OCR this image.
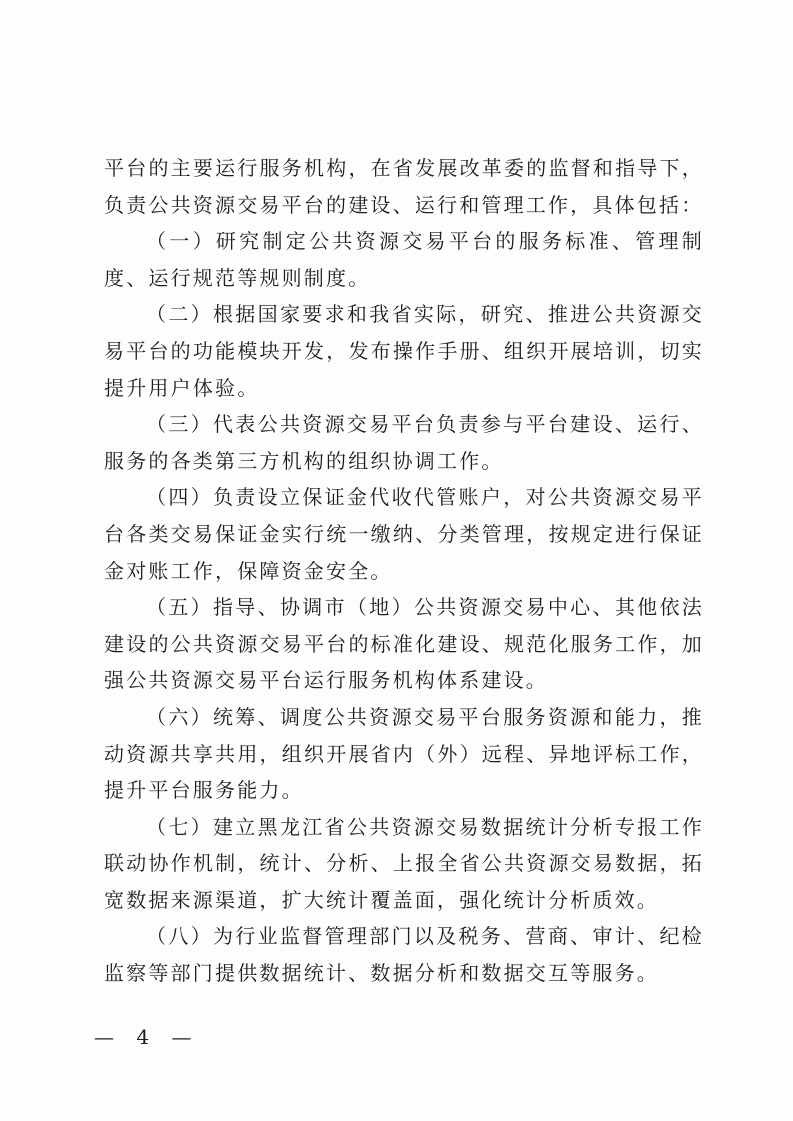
平台的主要运行服务机构，在省发展改革委的监督和指导下，负责公共资源交易平台的建设、运行和管理工作，具体包括：

（一）研究制定公共资源交易平台的服务标准、管理制度、运行规范等规则制度。

（二）根据国家要求和我省实际，研究、推进公共资源交易平台的功能模块开发，发布操作手册、组织开展培训，切实提升用户体验。

（三）代表公共资源交易平台负责参与平台建设、运行、服务的各类第三方机构的组织协调工作。

（四）负责设立保证金代收代管账户，对公共资源交易平台各类交易保证金实行统一缴纳、分类管理，按规定进行保证金对账工作，保障资金安全。

（五）指导、协调市（地）公共资源交易中心、其他依法建设的公共资源交易平台的标准化建设、规范化服务工作，加强公共资源交易平台运行服务机构体系建设。

（六）统筹、调度公共资源交易平台服务资源和能力，推动资源共享共用，组织开展省内（外）远程、异地评标工作，提升平台服务能力。

（七）建立黑龙江省公共资源交易数据统计分析专报工作联动协作机制，统计、分析、上报全省公共资源交易数据，拓宽数据来源渠道，扩大统计覆盖面，强化统计分析质效。

（八）为行业监督管理部门以及税务、营商、审计、纪检监察等部门提供数据统计、数据分析和数据交互等服务。

— 4 —
